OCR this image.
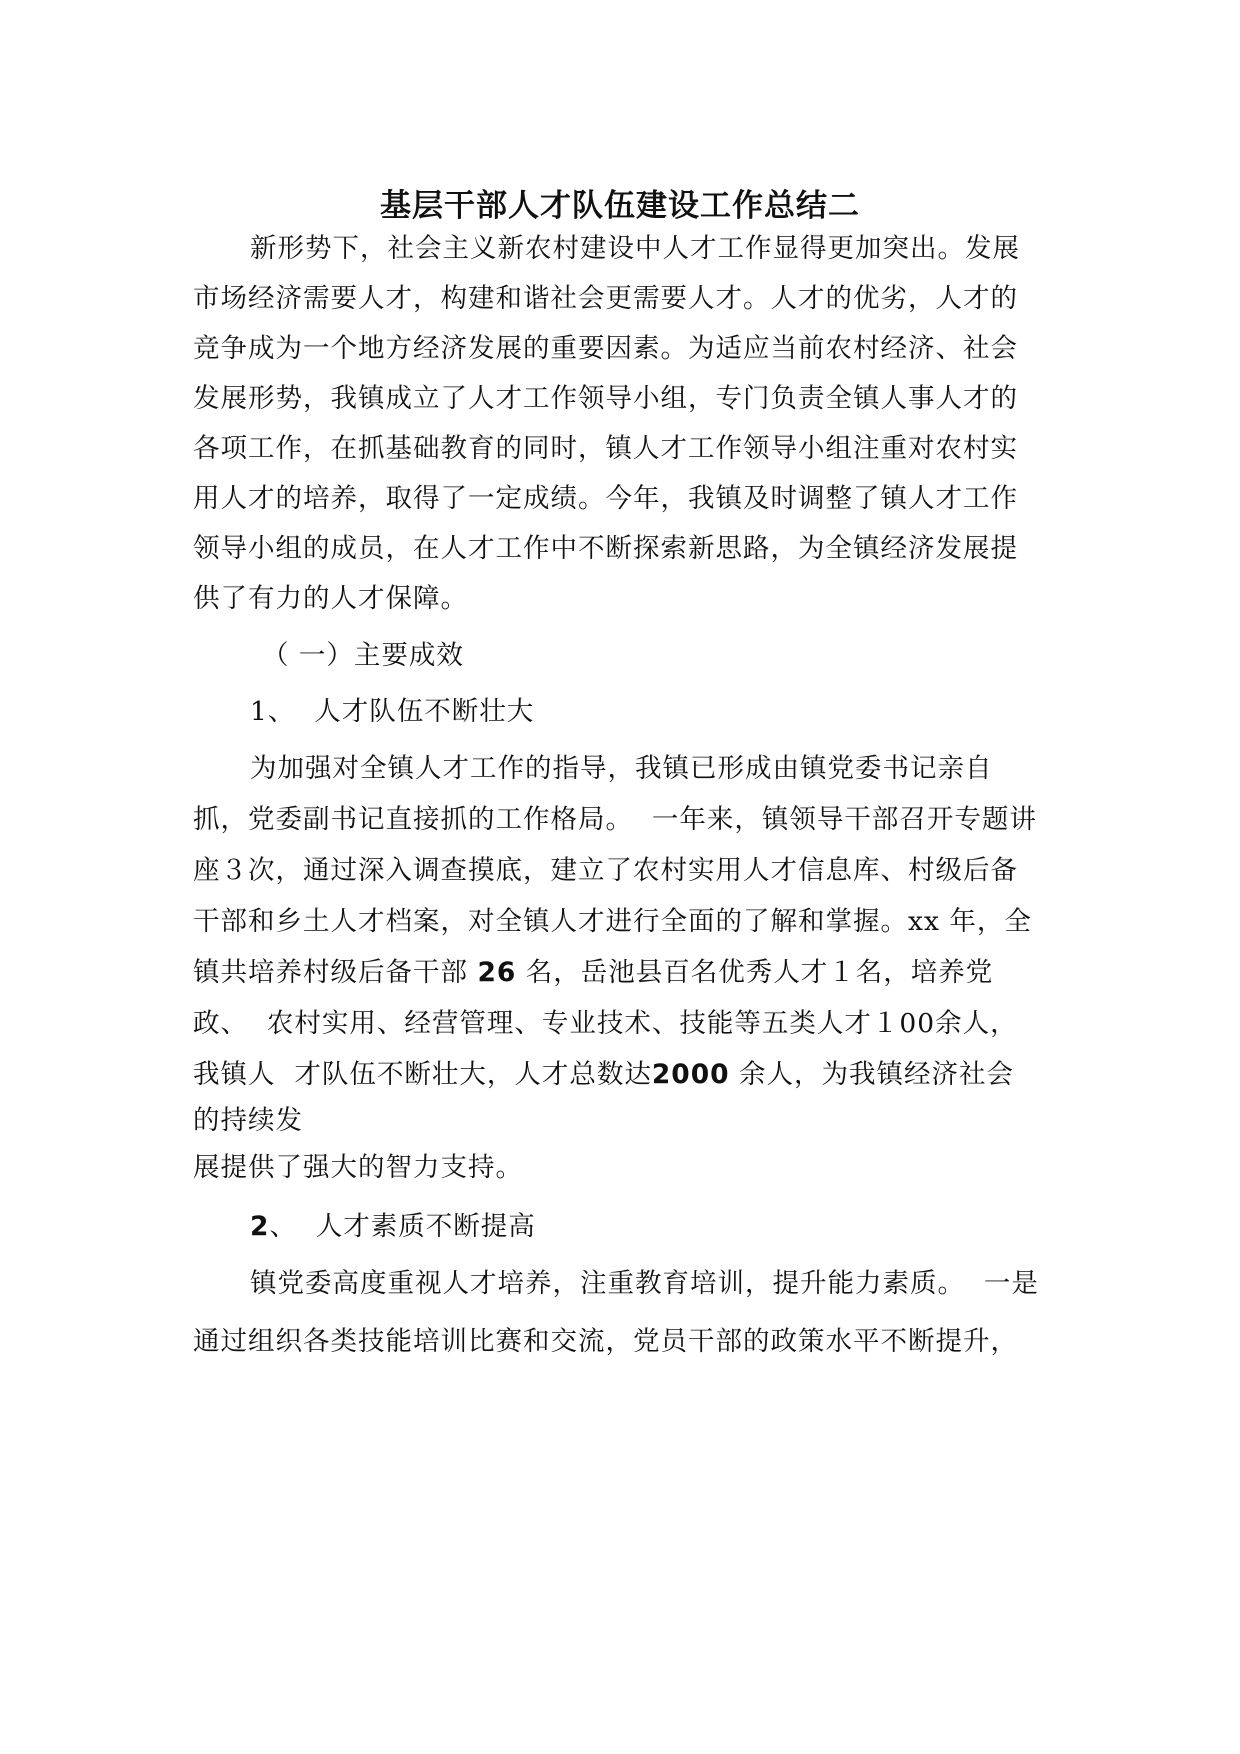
基层干部人才队伍建设工作总结二
新形势下，社会主义新农村建设中人才工作显得更加突出。发展
市场经济需要人才，构建和谐社会更需要人才。人才的优劣，人才的
竞争成为一个地方经济发展的重要因素。为适应当前农村经济、社会
发展形势，我镇成立了人才工作领导小组，专门负责全镇人事人才的
各项工作，在抓基础教育的同时，镇人才工作领导小组注重对农村实
用人才的培养，取得了一定成绩。今年，我镇及时调整了镇人才工作
领导小组的成员，在人才工作中不断探索新思路，为全镇经济发展提
供了有力的人才保障。
（ 一）主要成效
1、  人才队伍不断壮大
为加强对全镇人才工作的指导，我镇已形成由镇党委书记亲自
抓，党委副书记直接抓的工作格局。  一年来，镇领导干部召开专题讲
座３次，通过深入调查摸底，建立了农村实用人才信息库、村级后备
干部和乡土人才档案，对全镇人才进行全面的了解和掌握。xx 年，全
镇共培养村级后备干部 26 名，岳池县百名优秀人才１名，培养党
政、  农村实用、经营管理、专业技术、技能等五类人才１00余人，
我镇人  才队伍不断壮大，人才总数达2000 余人，为我镇经济社会
的持续发
展提供了强大的智力支持。
2、  人才素质不断提高
镇党委高度重视人才培养，注重教育培训，提升能力素质。  一是
通过组织各类技能培训比赛和交流，党员干部的政策水平不断提升，
